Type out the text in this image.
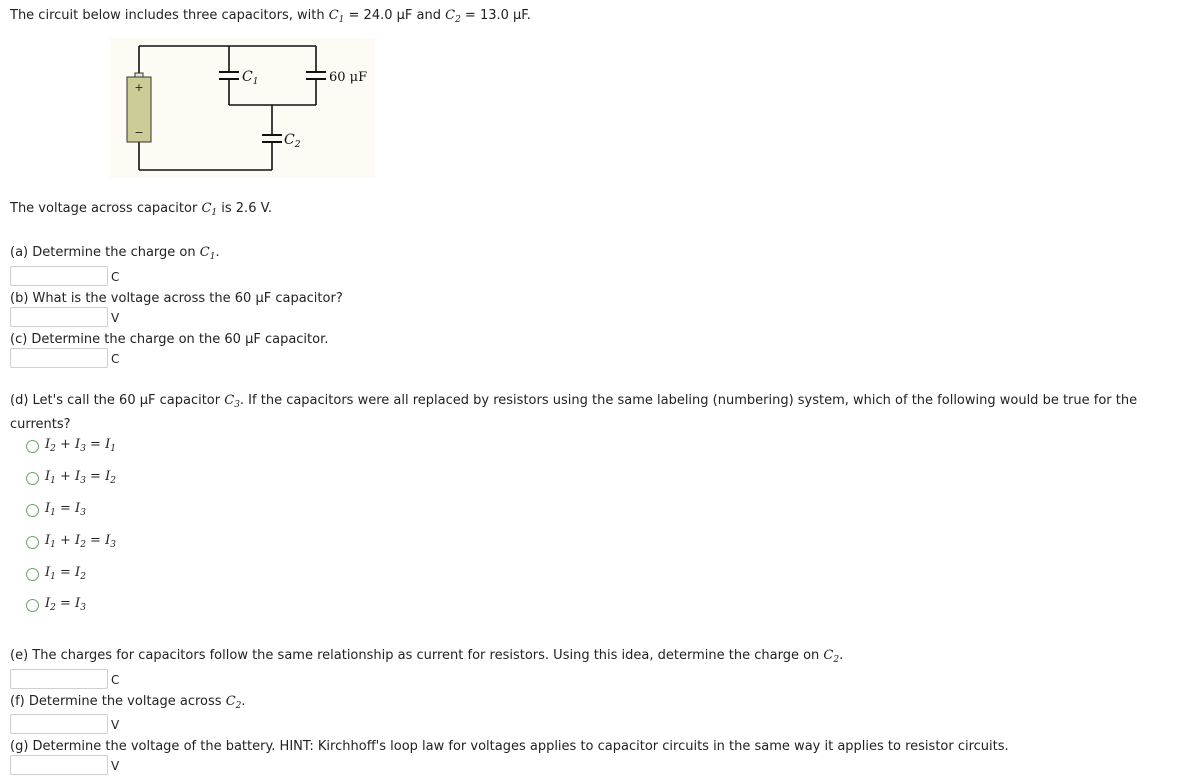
The circuit below includes three capacitors, with $C_1 = 24.0$ μF and $C_2 = 13.0$ μF.
+
−
$C_1$	60 μF
$C_2$
The voltage across capacitor $C_1$ is 2.6 V.
(a) Determine the charge on $C_1$.
C
(b) What is the voltage across the 60 μF capacitor?
V
(c) Determine the charge on the 60 μF capacitor.
C
(d) Let's call the 60 μF capacitor $C_3$. If the capacitors were all replaced by resistors using the same labeling (numbering) system, which of the following would be true for the
currents?
$I_2 + I_3 = I_1$
$I_1 + I_3 = I_2$
$I_1 = I_3$
$I_1 + I_2 = I_3$
$I_1 = I_2$
$I_2 = I_3$
(e) The charges for capacitors follow the same relationship as current for resistors. Using this idea, determine the charge on $C_2$.
C
(f) Determine the voltage across $C_2$.
V
(g) Determine the voltage of the battery. HINT: Kirchhoff's loop law for voltages applies to capacitor circuits in the same way it applies to resistor circuits.
V
